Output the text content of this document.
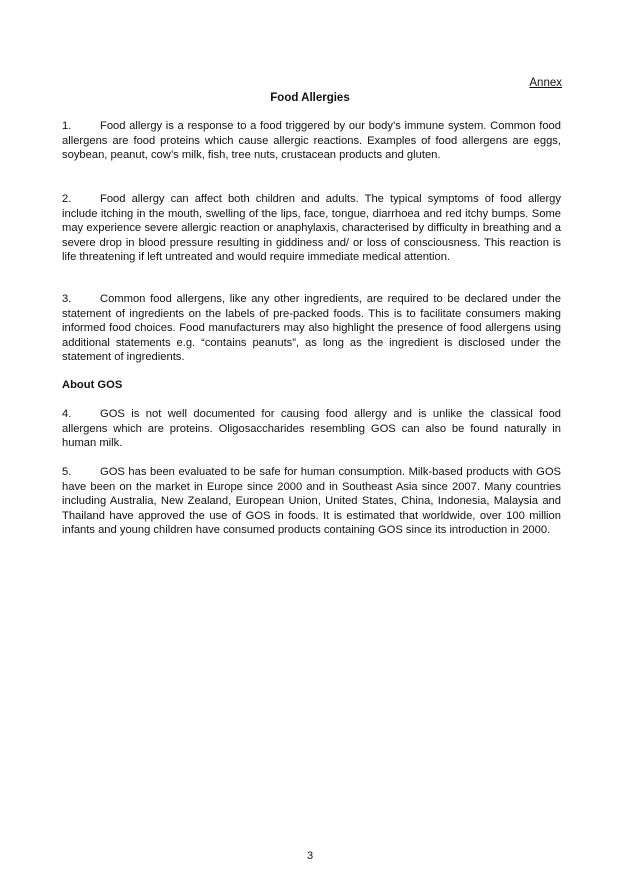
Annex
Food Allergies

1.	Food allergy is a response to a food triggered by our body’s immune system. Common food allergens are food proteins which cause allergic reactions. Examples of food allergens are eggs, soybean, peanut, cow’s milk, fish, tree nuts, crustacean products and gluten.

2.	Food allergy can affect both children and adults. The typical symptoms of food allergy include itching in the mouth, swelling of the lips, face, tongue, diarrhoea and red itchy bumps. Some may experience severe allergic reaction or anaphylaxis, characterised by difficulty in breathing and a severe drop in blood pressure resulting in giddiness and/ or loss of consciousness. This reaction is life threatening if left untreated and would require immediate medical attention.

3.	Common food allergens, like any other ingredients, are required to be declared under the statement of ingredients on the labels of pre-packed foods. This is to facilitate consumers making informed food choices. Food manufacturers may also highlight the presence of food allergens using additional statements e.g. “contains peanuts”, as long as the ingredient is disclosed under the statement of ingredients.

About GOS

4.	GOS is not well documented for causing food allergy and is unlike the classical food allergens which are proteins. Oligosaccharides resembling GOS can also be found naturally in human milk.

5.	GOS has been evaluated to be safe for human consumption. Milk-based products with GOS have been on the market in Europe since 2000 and in Southeast Asia since 2007. Many countries including Australia, New Zealand, European Union, United States, China, Indonesia, Malaysia and Thailand have approved the use of GOS in foods. It is estimated that worldwide, over 100 million infants and young children have consumed products containing GOS since its introduction in 2000.

3
